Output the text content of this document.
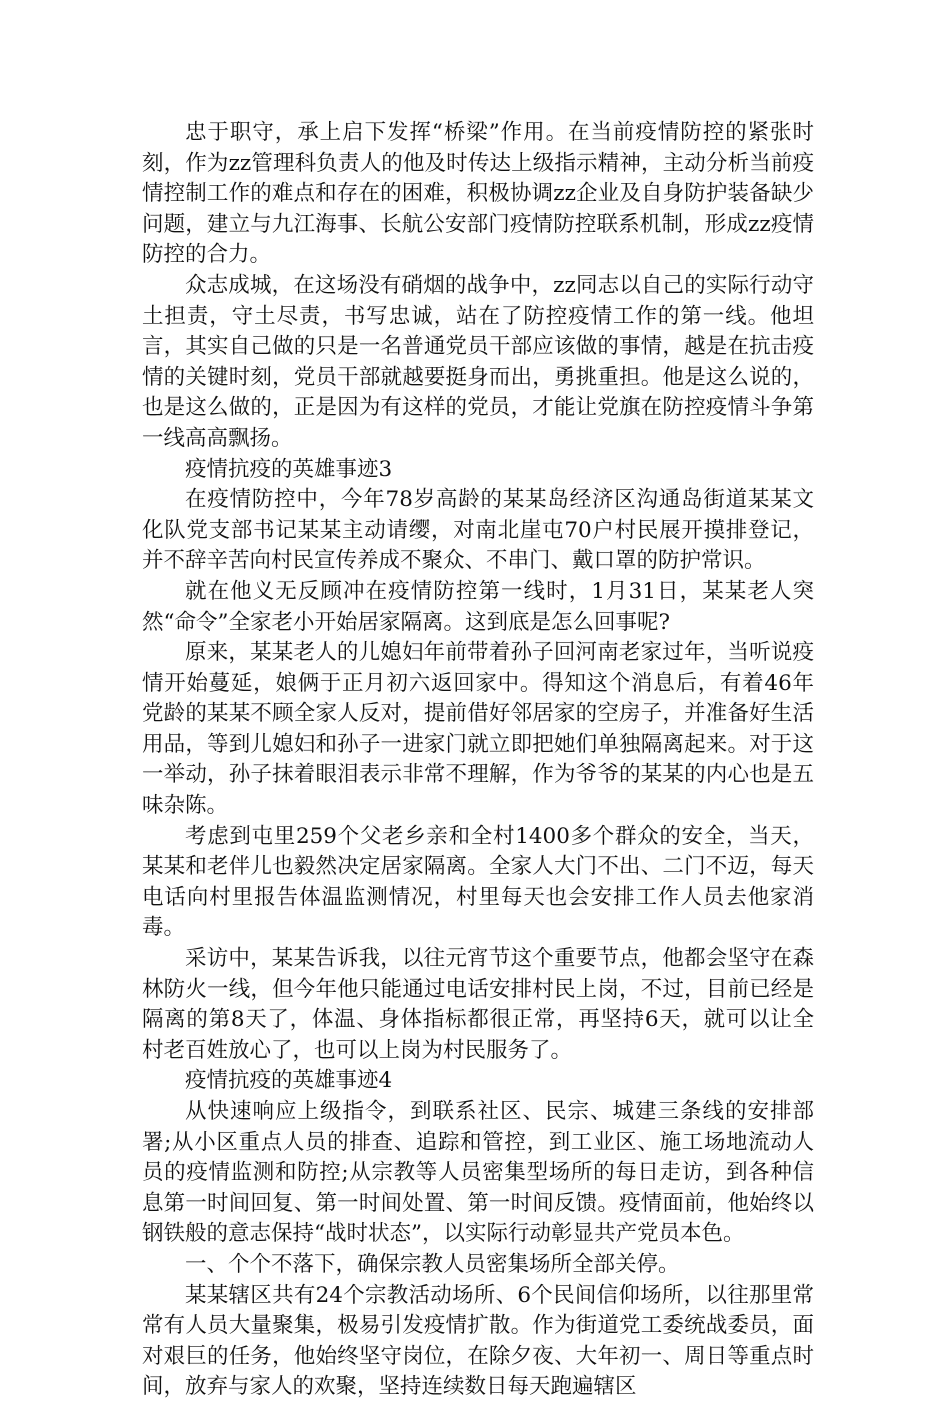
忠于职守，承上启下发挥“桥梁”作用。在当前疫情防控的紧张时刻，作为zz管理科负责人的他及时传达上级指示精神，主动分析当前疫情控制工作的难点和存在的困难，积极协调zz企业及自身防护装备缺少问题，建立与九江海事、长航公安部门疫情防控联系机制，形成zz疫情防控的合力。

众志成城，在这场没有硝烟的战争中，zz同志以自己的实际行动守土担责，守土尽责，书写忠诚，站在了防控疫情工作的第一线。他坦言，其实自己做的只是一名普通党员干部应该做的事情，越是在抗击疫情的关键时刻，党员干部就越要挺身而出，勇挑重担。他是这么说的，也是这么做的，正是因为有这样的党员，才能让党旗在防控疫情斗争第一线高高飘扬。

疫情抗疫的英雄事迹3

在疫情防控中，今年78岁高龄的某某岛经济区沟通岛街道某某文化队党支部书记某某主动请缨，对南北崖屯70户村民展开摸排登记，并不辞辛苦向村民宣传养成不聚众、不串门、戴口罩的防护常识。

就在他义无反顾冲在疫情防控第一线时，1月31日，某某老人突然“命令”全家老小开始居家隔离。这到底是怎么回事呢?

原来，某某老人的儿媳妇年前带着孙子回河南老家过年，当听说疫情开始蔓延，娘俩于正月初六返回家中。得知这个消息后，有着46年党龄的某某不顾全家人反对，提前借好邻居家的空房子，并准备好生活用品，等到儿媳妇和孙子一进家门就立即把她们单独隔离起来。对于这一举动，孙子抹着眼泪表示非常不理解，作为爷爷的某某的内心也是五味杂陈。

考虑到屯里259个父老乡亲和全村1400多个群众的安全，当天，某某和老伴儿也毅然决定居家隔离。全家人大门不出、二门不迈，每天电话向村里报告体温监测情况，村里每天也会安排工作人员去他家消毒。

采访中，某某告诉我，以往元宵节这个重要节点，他都会坚守在森林防火一线，但今年他只能通过电话安排村民上岗，不过，目前已经是隔离的第8天了，体温、身体指标都很正常，再坚持6天，就可以让全村老百姓放心了，也可以上岗为村民服务了。

疫情抗疫的英雄事迹4

从快速响应上级指令，到联系社区、民宗、城建三条线的安排部署;从小区重点人员的排查、追踪和管控，到工业区、施工场地流动人员的疫情监测和防控;从宗教等人员密集型场所的每日走访，到各种信息第一时间回复、第一时间处置、第一时间反馈。疫情面前，他始终以钢铁般的意志保持“战时状态”，以实际行动彰显共产党员本色。

一、个个不落下，确保宗教人员密集场所全部关停。

某某辖区共有24个宗教活动场所、6个民间信仰场所，以往那里常常有人员大量聚集，极易引发疫情扩散。作为街道党工委统战委员，面对艰巨的任务，他始终坚守岗位，在除夕夜、大年初一、周日等重点时间，放弃与家人的欢聚，坚持连续数日每天跑遍辖区
